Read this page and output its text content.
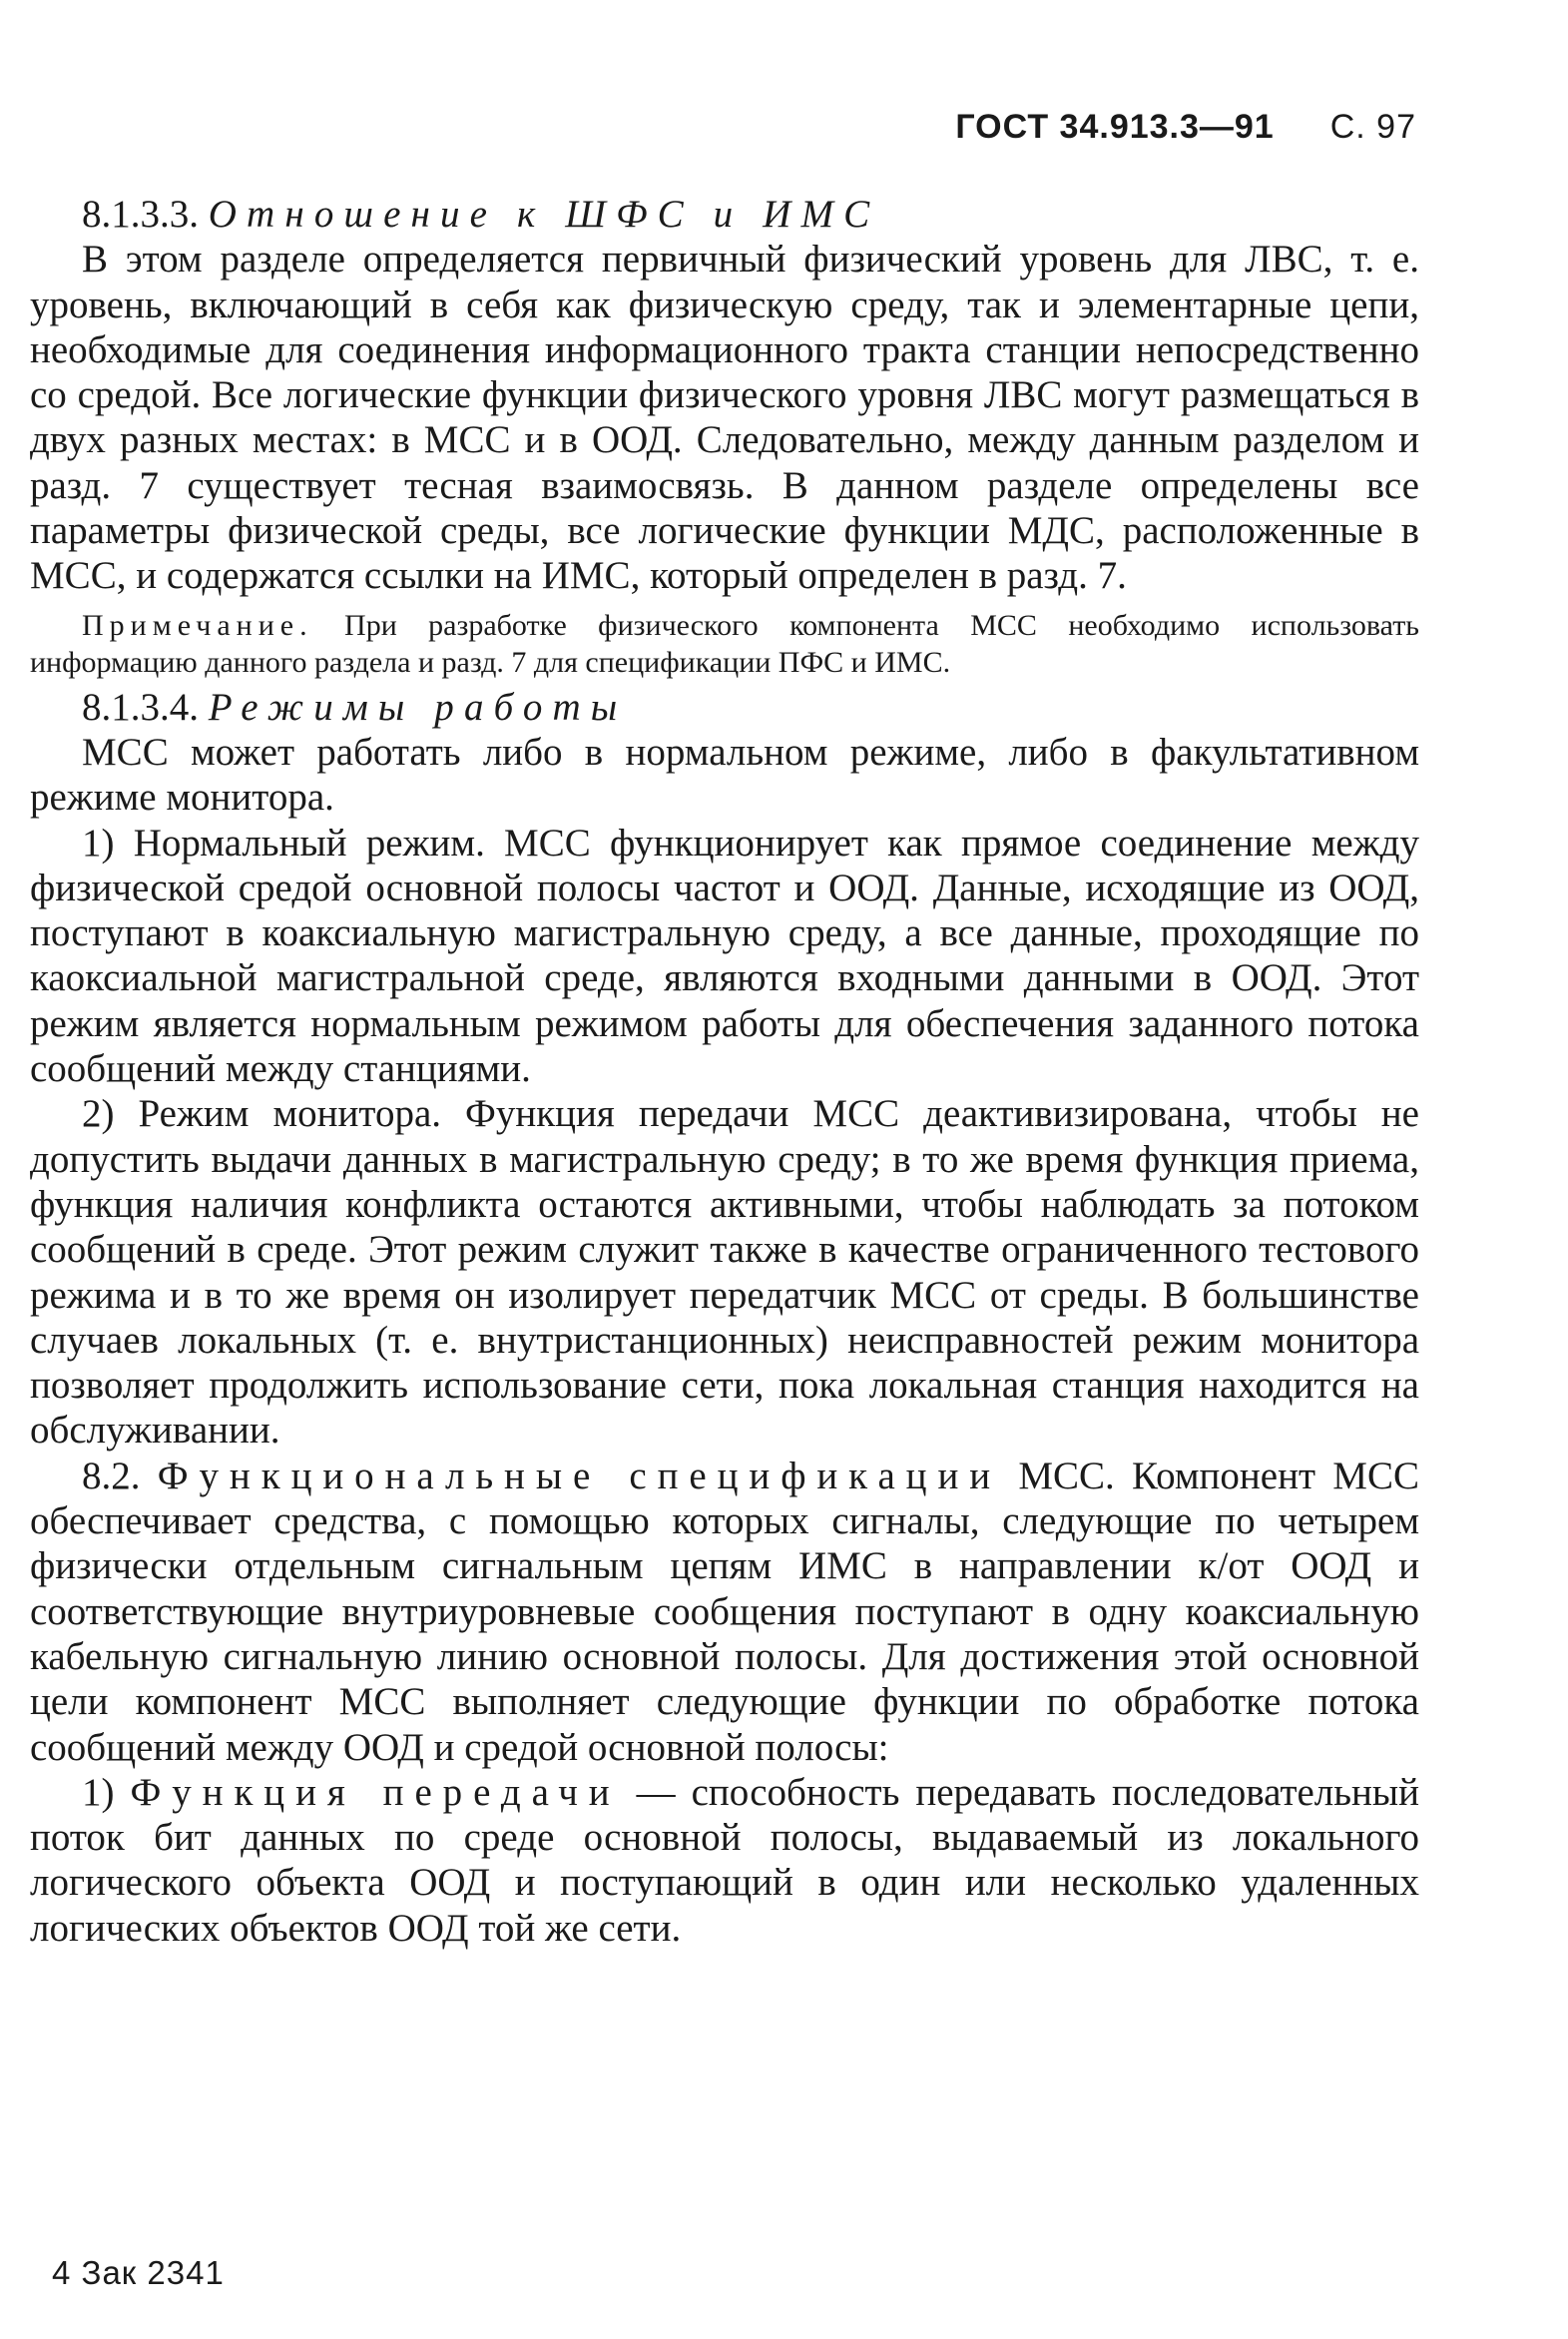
ГОСТ 34.913.3—91 С. 97

8.1.3.3. Отношение к ШФС и ИМС

В этом разделе определяется первичный физический уровень для ЛВС, т. е. уровень, включающий в себя как физическую среду, так и элементарные цепи, необходимые для соединения информационного тракта станции непосредственно со средой. Все логические функции физического уровня ЛВС могут размещаться в двух разных местах: в МСС и в ООД. Следовательно, между данным разделом и разд. 7 существует тесная взаимосвязь. В данном разделе определены все параметры физической среды, все логические функции МДС, расположенные в МСС, и содержатся ссылки на ИМС, который определен в разд. 7.

Примечание. При разработке физического компонента МСС необходимо использовать информацию данного раздела и разд. 7 для спецификации ПФС и ИМС.

8.1.3.4. Режимы работы

МСС может работать либо в нормальном режиме, либо в факультативном режиме монитора.

1) Нормальный режим. МСС функционирует как прямое соединение между физической средой основной полосы частот и ООД. Данные, исходящие из ООД, поступают в коаксиальную магистральную среду, а все данные, проходящие по каоксиальной магистральной среде, являются входными данными в ООД. Этот режим является нормальным режимом работы для обеспечения заданного потока сообщений между станциями.

2) Режим монитора. Функция передачи МСС деактивизирована, чтобы не допустить выдачи данных в магистральную среду; в то же время функция приема, функция наличия конфликта остаются активными, чтобы наблюдать за потоком сообщений в среде. Этот режим служит также в качестве ограниченного тестового режима и в то же время он изолирует передатчик МСС от среды. В большинстве случаев локальных (т. е. внутристанционных) неисправностей режим монитора позволяет продолжить использование сети, пока локальная станция находится на обслуживании.

8.2. Функциональные спецификации МСС. Компонент МСС обеспечивает средства, с помощью которых сигналы, следующие по четырем физически отдельным сигнальным цепям ИМС в направлении к/от ООД и соответствующие внутриуровневые сообщения поступают в одну коаксиальную кабельную сигнальную линию основной полосы. Для достижения этой основной цели компонент МСС выполняет следующие функции по обработке потока сообщений между ООД и средой основной полосы:

1) Функция передачи — способность передавать последовательный поток бит данных по среде основной полосы, выдаваемый из локального логического объекта ООД и поступающий в один или несколько удаленных логических объектов ООД той же сети.

4 Зак 2341
